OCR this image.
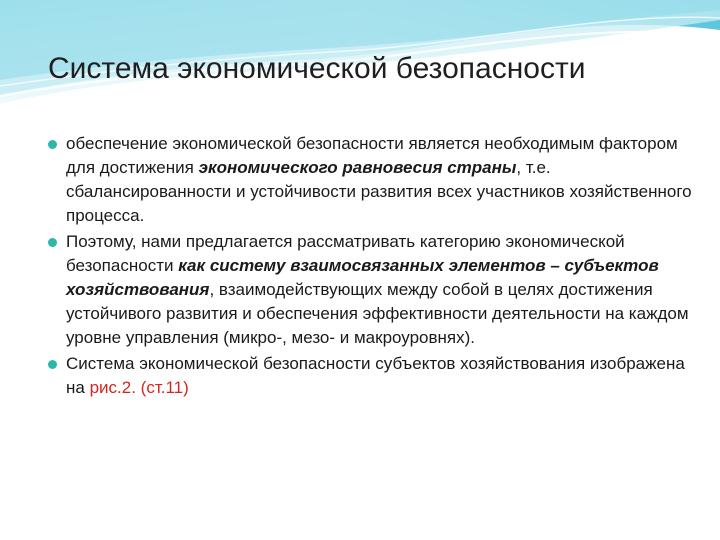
Система экономической безопасности
обеспечение экономической безопасности является необходимым фактором для достижения экономического равновесия страны, т.е. сбалансированности и устойчивости развития всех участников хозяйственного процесса.
Поэтому, нами предлагается рассматривать категорию экономической безопасности как систему взаимосвязанных элементов – субъектов хозяйствования, взаимодействующих между собой в целях достижения устойчивого развития и обеспечения эффективности деятельности на каждом уровне управления (микро-, мезо- и макроуровнях).
Система экономической безопасности субъектов хозяйствования изображена на рис.2. (ст.11)
